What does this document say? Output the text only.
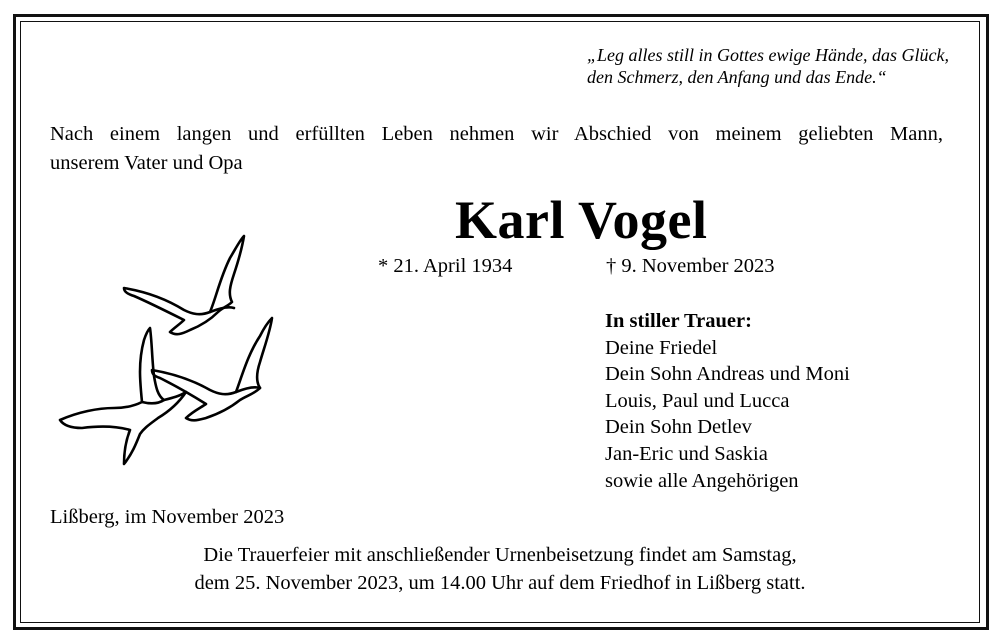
„Leg alles still in Gottes ewige Hände, das Glück,
den Schmerz, den Anfang und das Ende.“
Nach einem langen und erfüllten Leben nehmen wir Abschied von meinem geliebten Mann,
unserem Vater und Opa
Karl Vogel
* 21. April 1934	† 9. November 2023
In stiller Trauer:
Deine Friedel
Dein Sohn Andreas und Moni
Louis, Paul und Lucca
Dein Sohn Detlev
Jan-Eric und Saskia
sowie alle Angehörigen
Lißberg, im November 2023
Die Trauerfeier mit anschließender Urnenbeisetzung findet am Samstag,
dem 25. November 2023, um 14.00 Uhr auf dem Friedhof in Lißberg statt.
